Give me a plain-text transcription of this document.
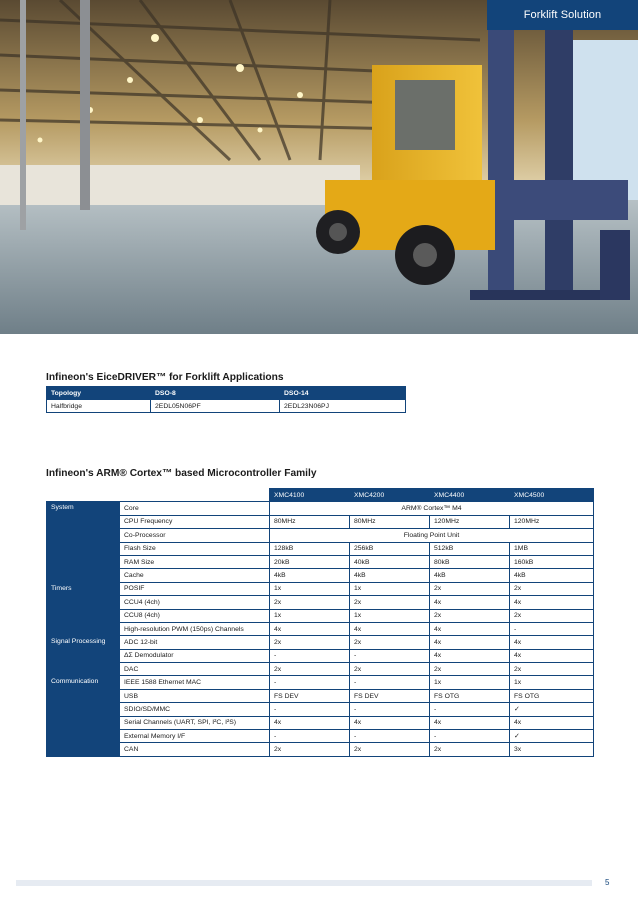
Forklift Solution
Infineon's EiceDRIVER™ for Forklift Applications
Topology	DSO-8	DSO-14
Halfbridge	2EDL05N06PF	2EDL23N06PJ
Infineon's ARM® Cortex™ based Microcontroller Family
		XMC4100	XMC4200	XMC4400	XMC4500
System	Core	ARM® Cortex™ M4			
	CPU Frequency	80MHz	80MHz	120MHz	120MHz
	Co-Processor	Floating Point Unit			
	Flash Size	128kB	256kB	512kB	1MB
	RAM Size	20kB	40kB	80kB	160kB
	Cache	4kB	4kB	4kB	4kB
Timers	POSIF	1x	1x	2x	2x
	CCU4 (4ch)	2x	2x	4x	4x
	CCU8 (4ch)	1x	1x	2x	2x
	High-resolution PWM (150ps) Channels	4x	4x	4x	-
Signal Processing	ADC 12-bit	2x	2x	4x	4x
	ΔΣ Demodulator	-	-	4x	4x
	DAC	2x	2x	2x	2x
Communication	IEEE 1588 Ethernet MAC	-	-	1x	1x
	USB	FS DEV	FS DEV	FS OTG	FS OTG
	SDIO/SD/MMC	-	-	-	✓
	Serial Channels (UART, SPI, I²C, I²S)	4x	4x	4x	4x
	External Memory I/F	-	-	-	✓
	CAN	2x	2x	2x	3x
5
